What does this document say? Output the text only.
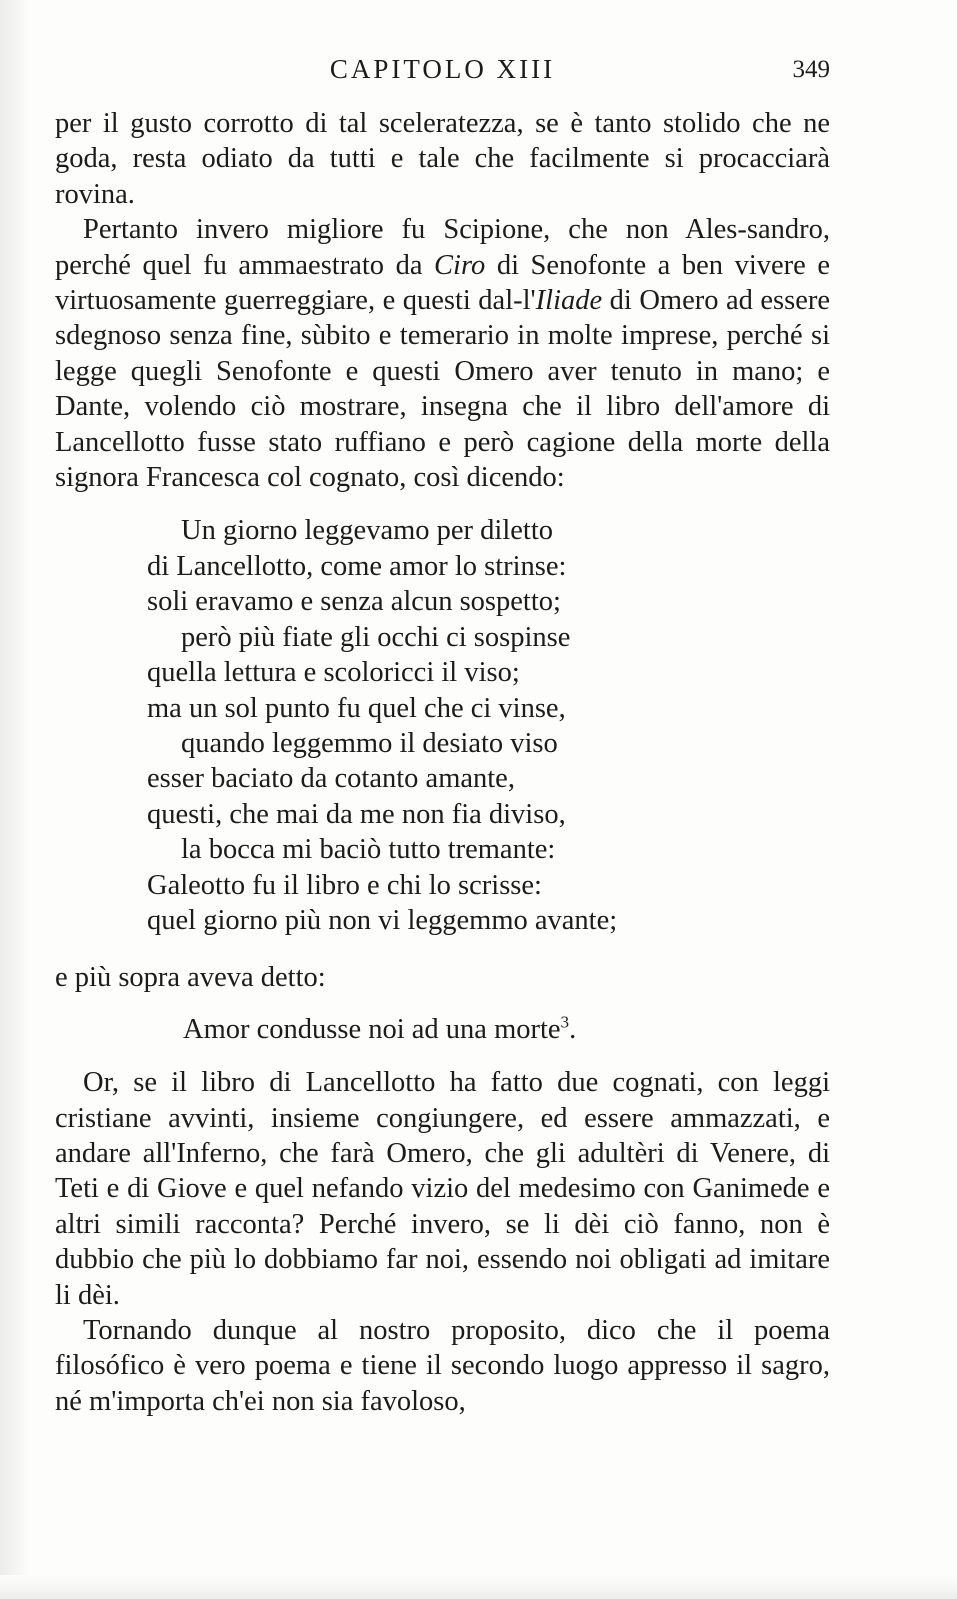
CAPITOLO XIII	349

per il gusto corrotto di tal sceleratezza, se è tanto stolido che ne goda, resta odiato da tutti e tale che facilmente si procacciarà rovina.

Pertanto invero migliore fu Scipione, che non Ales‑sandro, perché quel fu ammaestrato da Ciro di Senofonte a ben vivere e virtuosamente guerreggiare, e questi dal‑l'Iliade di Omero ad essere sdegnoso senza fine, sùbito e temerario in molte imprese, perché si legge quegli Senofonte e questi Omero aver tenuto in mano; e Dante, volendo ciò mostrare, insegna che il libro dell'amore di Lancellotto fusse stato ruffiano e però cagione della morte della signora Francesca col cognato, così dicendo:

Un giorno leggevamo per diletto
di Lancellotto, come amor lo strinse:
soli eravamo e senza alcun sospetto;
però più fiate gli occhi ci sospinse
quella lettura e scoloricci il viso;
ma un sol punto fu quel che ci vinse,
quando leggemmo il desiato viso
esser baciato da cotanto amante,
questi, che mai da me non fia diviso,
la bocca mi baciò tutto tremante:
Galeotto fu il libro e chi lo scrisse:
quel giorno più non vi leggemmo avante;

e più sopra aveva detto:

Amor condusse noi ad una morte$^3$.

Or, se il libro di Lancellotto ha fatto due cognati, con leggi cristiane avvinti, insieme congiungere, ed essere ammazzati, e andare all'Inferno, che farà Omero, che gli adultèri di Venere, di Teti e di Giove e quel nefando vizio del medesimo con Ganimede e altri simili racconta? Perché invero, se li dèi ciò fanno, non è dubbio che più lo dobbiamo far noi, essendo noi obligati ad imitare li dèi.

Tornando dunque al nostro proposito, dico che il poema filosófico è vero poema e tiene il secondo luogo appresso il sagro, né m'importa ch'ei non sia favoloso,
